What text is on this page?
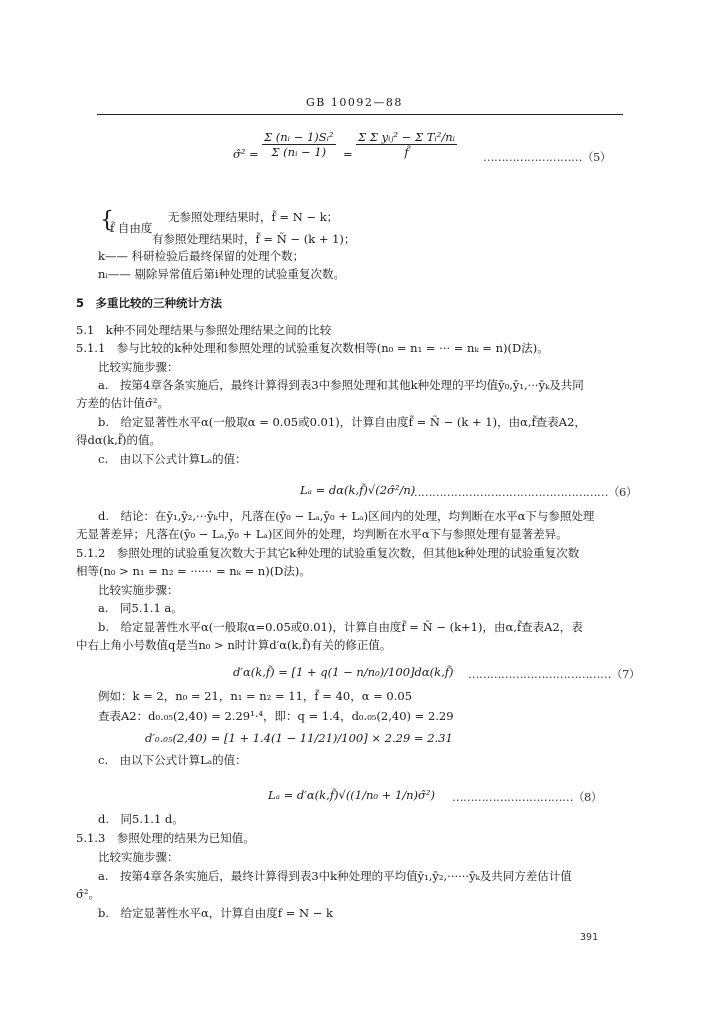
GB 10092—88
σ̂² = $\frac{\text{Σ (nᵢ − 1)Sᵢ²}}{\text{Σ (nᵢ − 1)}} = \frac{\text{Σ Σ yᵢⱼ² − Σ Tᵢ²/nᵢ}}{f̃}$ ………………………（5）
{
f̃ 自由度
无参照处理结果时，f̃ = N − k；
有参照处理结果时，f̃ = Ñ − (k + 1)；
k—— 科研检验后最终保留的处理个数；
nᵢ—— 剔除异常值后第i种处理的试验重复次数。
5　多重比较的三种统计方法
5.1　k种不同处理结果与参照处理结果之间的比较
5.1.1　参与比较的k种处理和参照处理的试验重复次数相等(n₀ = n₁ = ··· = nₖ = n)(D法)。
比较实施步骤：
a.　按第4章各条实施后，最终计算得到表3中参照处理和其他k种处理的平均值ȳ₀,ȳ₁,···ȳₖ及共同
方差的估计值σ̂²。
b.　给定显著性水平α(一般取α = 0.05或0.01)，计算自由度f̃ = Ñ − (k + 1)，由α,f̃查表A2，
得dα(k,f̃)的值。
c.　由以下公式计算Lₐ的值：
Lₐ = dα(k,f̃)√(2σ̂²/n)
………………………………………………（6）
d.　结论：在ȳ₁,ȳ₂,···ȳₖ中，凡落在(ȳ₀ − Lₐ,ȳ₀ + Lₐ)区间内的处理，均判断在水平α下与参照处理
无显著差异；凡落在(ȳ₀ − Lₐ,ȳ₀ + Lₐ)区间外的处理，均判断在水平α下与参照处理有显著差异。
5.1.2　参照处理的试验重复次数大于其它k种处理的试验重复次数，但其他k种处理的试验重复次数
相等(n₀ > n₁ = n₂ = ······ = nₖ = n)(D法)。
比较实施步骤：
a.　同5.1.1 a。
b.　给定显著性水平α(一般取α=0.05或0.01)，计算自由度f̃ = Ñ − (k+1)，由α,f̃查表A2，表
中右上角小号数值q是当n₀ > n时计算d′α(k,f̃)有关的修正值。
d′α(k,f̃) = [1 + q(1 − n/n₀)/100]dα(k,f̃) …………………………………（7）
例如：k = 2，n₀ = 21，n₁ = n₂ = 11，f̃ = 40，α = 0.05
查表A2：d₀.₀₅(2,40) = 2.29¹·⁴，即：q = 1.4，d₀.₀₅(2,40) = 2.29
d′₀.₀₅(2,40) = [1 + 1.4(1 − 11/21)/100] × 2.29 = 2.31
c.　由以下公式计算Lₐ的值：
Lₐ = d′α(k,f̃)√((1/n₀ + 1/n)σ̂²) ……………………………（8）
d.　同5.1.1 d。
5.1.3　参照处理的结果为已知值。
比较实施步骤：
a.　按第4章各条实施后，最终计算得到表3中k种处理的平均值ȳ₁,ȳ₂,······ȳₖ及共同方差估计值
σ̂²。
b.　给定显著性水平α，计算自由度f = N − k
391
